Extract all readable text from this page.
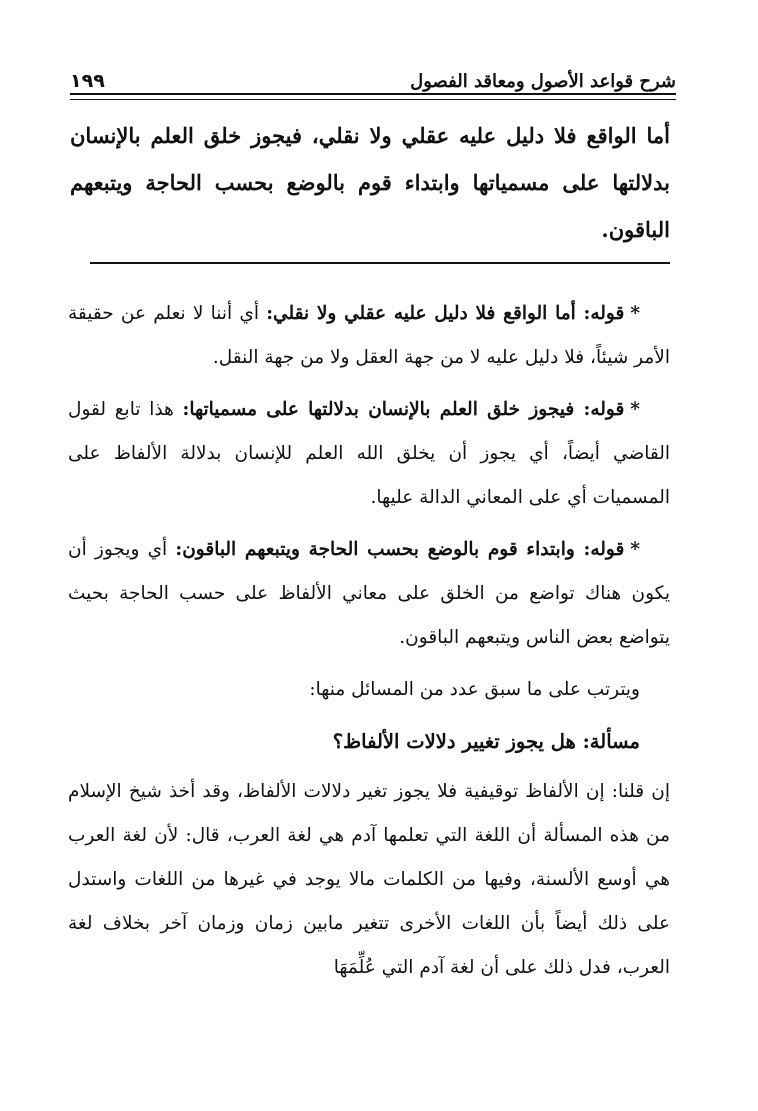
شرح قواعد الأصول ومعاقد الفصول
١٩٩
أما الواقع فلا دليل عليه عقلي ولا نقلي، فيجوز خلق العلم بالإنسان بدلالتها على مسمياتها وابتداء قوم بالوضع بحسب الحاجة ويتبعهم الباقون.

*قوله: أما الواقع فلا دليل عليه عقلي ولا نقلي: أي أننا لا نعلم عن حقيقة الأمر شيئاً، فلا دليل عليه لا من جهة العقل ولا من جهة النقل.

*قوله: فيجوز خلق العلم بالإنسان بدلالتها على مسمياتها: هذا تابع لقول القاضي أيضاً، أي يجوز أن يخلق الله العلم للإنسان بدلالة الألفاظ على المسميات أي على المعاني الدالة عليها.

*قوله: وابتداء قوم بالوضع بحسب الحاجة ويتبعهم الباقون: أي ويجوز أن يكون هناك تواضع من الخلق على معاني الألفاظ على حسب الحاجة بحيث يتواضع بعض الناس ويتبعهم الباقون.

ويترتب على ما سبق عدد من المسائل منها:

مسألة: هل يجوز تغيير دلالات الألفاظ؟

إن قلنا: إن الألفاظ توقيفية فلا يجوز تغير دلالات الألفاظ، وقد أخذ شيخ الإسلام من هذه المسألة أن اللغة التي تعلمها آدم هي لغة العرب، قال: لأن لغة العرب هي أوسع الألسنة، وفيها من الكلمات مالا يوجد في غيرها من اللغات واستدل على ذلك أيضاً بأن اللغات الأخرى تتغير مابين زمان وزمان آخر بخلاف لغة العرب، فدل ذلك على أن لغة آدم التي عُلِّمَهَا
